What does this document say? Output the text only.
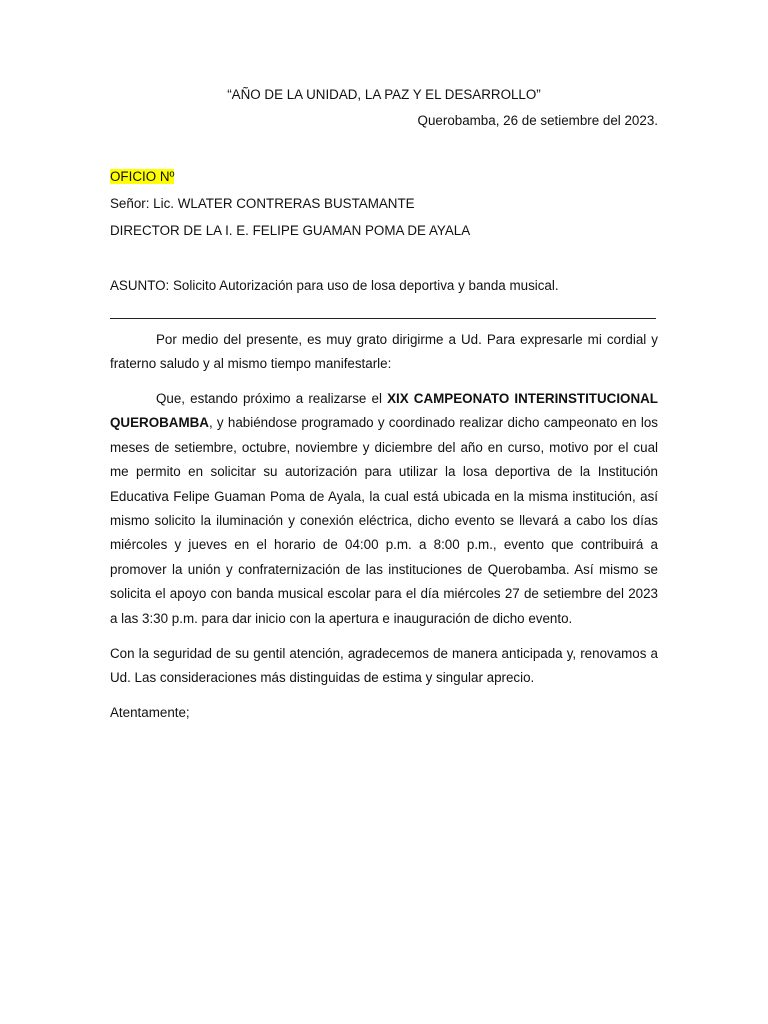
“AÑO DE LA UNIDAD, LA PAZ Y EL DESARROLLO”
Querobamba, 26 de setiembre del 2023.
OFICIO Nº
Señor: Lic. WLATER CONTRERAS BUSTAMANTE
DIRECTOR DE LA I. E. FELIPE GUAMAN POMA DE AYALA
ASUNTO: Solicito Autorización para uso de losa deportiva y banda musical.
Por medio del presente, es muy grato dirigirme a Ud. Para expresarle mi cordial y fraterno saludo y al mismo tiempo manifestarle:
Que, estando próximo a realizarse el XIX CAMPEONATO INTERINSTITUCIONAL QUEROBAMBA, y habiéndose programado y coordinado realizar dicho campeonato en los meses de setiembre, octubre, noviembre y diciembre del año en curso, motivo por el cual me permito en solicitar su autorización para utilizar la losa deportiva de la Institución Educativa Felipe Guaman Poma de Ayala, la cual está ubicada en la misma institución, así mismo solicito la iluminación y conexión eléctrica, dicho evento se llevará a cabo los días miércoles y jueves en el horario de 04:00 p.m. a 8:00 p.m., evento que contribuirá a promover la unión y confraternización de las instituciones de Querobamba. Así mismo se solicita el apoyo con banda musical escolar para el día miércoles 27 de setiembre del 2023 a las 3:30 p.m. para dar inicio con la apertura e inauguración de dicho evento.
Con la seguridad de su gentil atención, agradecemos de manera anticipada y, renovamos a Ud. Las consideraciones más distinguidas de estima y singular aprecio.
Atentamente;
